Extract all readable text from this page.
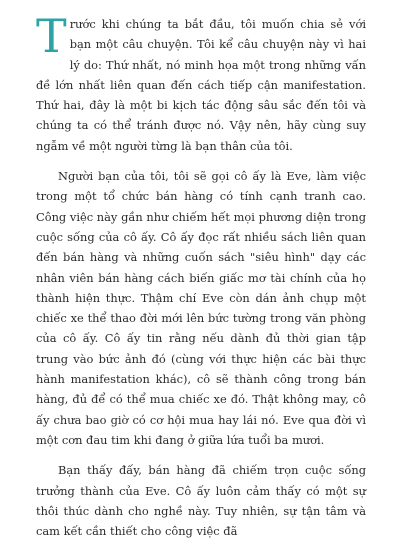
Trước khi chúng ta bắt đầu, tôi muốn chia sẻ với bạn một câu chuyện. Tôi kể câu chuyện này vì hai lý do: Thứ nhất, nó minh họa một trong những vấn đề lớn nhất liên quan đến cách tiếp cận manifestation. Thứ hai, đây là một bi kịch tác động sâu sắc đến tôi và chúng ta có thể tránh được nó. Vậy nên, hãy cùng suy ngẫm về một người từng là bạn thân của tôi.

Người bạn của tôi, tôi sẽ gọi cô ấy là Eve, làm việc trong một tổ chức bán hàng có tính cạnh tranh cao. Công việc này gần như chiếm hết mọi phương diện trong cuộc sống của cô ấy. Cô ấy đọc rất nhiều sách liên quan đến bán hàng và những cuốn sách "siêu hình" dạy các nhân viên bán hàng cách biến giấc mơ tài chính của họ thành hiện thực. Thậm chí Eve còn dán ảnh chụp một chiếc xe thể thao đời mới lên bức tường trong văn phòng của cô ấy. Cô ấy tin rằng nếu dành đủ thời gian tập trung vào bức ảnh đó (cùng với thực hiện các bài thực hành manifestation khác), cô sẽ thành công trong bán hàng, đủ để có thể mua chiếc xe đó. Thật không may, cô ấy chưa bao giờ có cơ hội mua hay lái nó. Eve qua đời vì một cơn đau tim khi đang ở giữa lứa tuổi ba mươi.

Bạn thấy đấy, bán hàng đã chiếm trọn cuộc sống trưởng thành của Eve. Cô ấy luôn cảm thấy có một sự thôi thúc dành cho nghề này. Tuy nhiên, sự tận tâm và cam kết cần thiết cho công việc đã
